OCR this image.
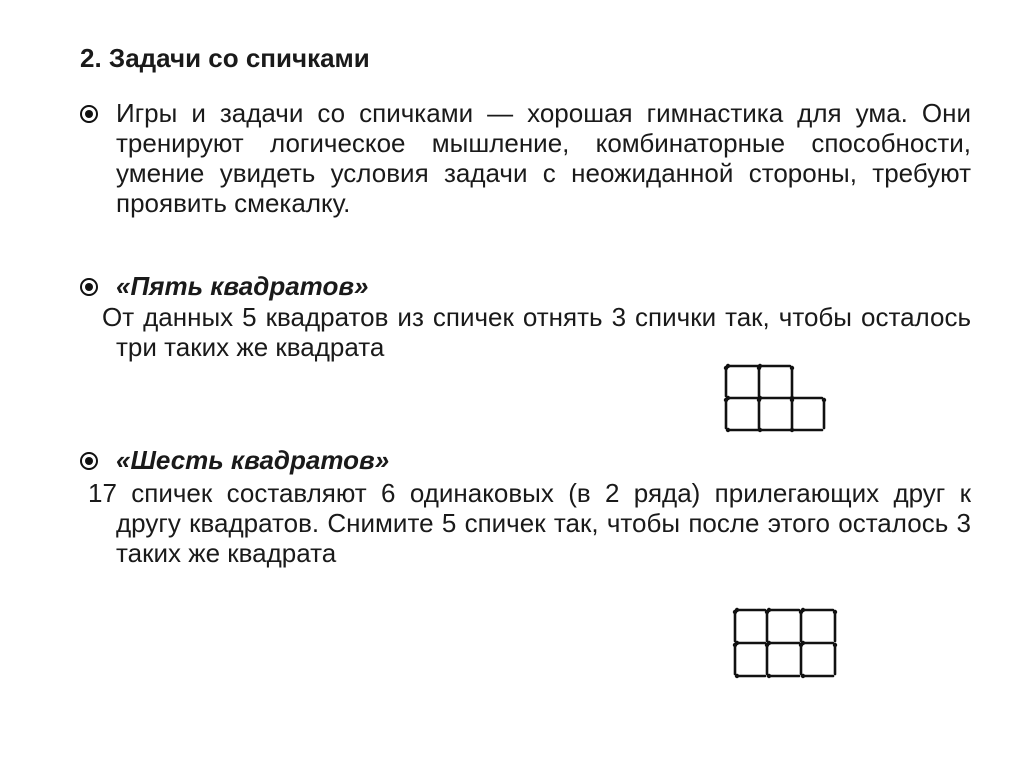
2. Задачи со спичками

Игры и задачи со спичками — хорошая гимнастика для ума. Они тренируют логическое мышление, комбинаторные способности, умение увидеть условия задачи с неожиданной стороны, требуют проявить смекалку.

«Пять квадратов»

От данных 5 квадратов из спичек отнять 3 спички так, чтобы осталось три таких же квадрата

«Шесть квадратов»

17 спичек составляют 6 одинаковых (в 2 ряда) прилегающих друг к другу квадратов. Снимите 5 спичек так, чтобы после этого осталось 3 таких же квадрата
